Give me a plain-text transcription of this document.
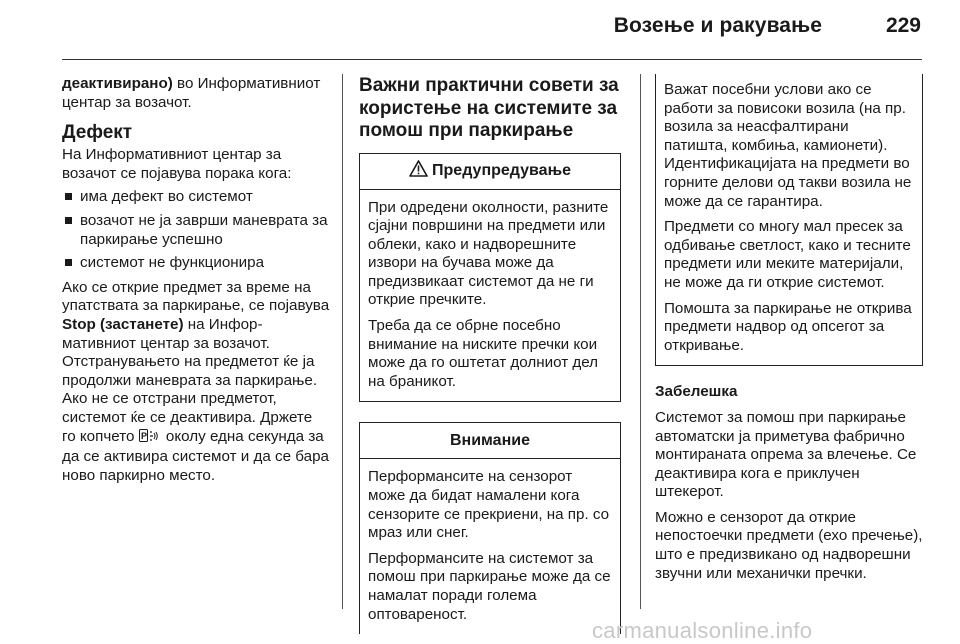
Возење и ракување	229

деактивирано) во Информативниот центар за возачот.

Дефект

На Информативниот центар за возачот се појавува порака кога:

има дефект во системот
возачот не ја заврши маневрата за паркирање успешно
системот не функционира

Ако се открие предмет за време на упатствата за паркирање, се појавува Stop (застанете) на Информативниот центар за возачот. Отстранувањето на предметот ќе ја продолжи маневрата за паркирање. Ако не се отстрани предметот, системот ќе се деактивира. Држете го копчето P околу една секунда за да се активира системот и да се бара ново паркирно место.

Важни практични совети за користење на системите за помош при паркирање
Предупредување

При одредени околности, разните сјајни површини на предмети или облеки, како и надворешните извори на бучава може да предизвикаат системот да не ги открие пречките.

Треба да се обрне посебно внимание на ниските пречки кои може да го оштетат долниот дел на браникот.

Внимание

Перформансите на сензорот може да бидат намалени кога сензорите се прекриени, на пр. со мраз или снег.

Перформансите на системот за помош при паркирање може да се намалат поради голема оптовареност.

Важат посебни услови ако се работи за повисоки возила (на пр. возила за неасфалтирани патишта, комбиња, камионети). Идентификацијата на предмети во горните делови од такви возила не може да се гарантира.

Предмети со многу мал пресек за одбивање светлост, како и тесните предмети или меките материјали, не може да ги открие системот.

Помошта за паркирање не открива предмети надвор од опсегот за откривање.

Забелешка

Системот за помош при паркирање автоматски ја приметува фабрично монтираната опрема за влечење. Се деактивира кога е приклучен штекерот.

Можно е сензорот да открие непостоечки предмети (ехо пречење), што е предизвикано од надворешни звучни или механички пречки.

carmanualsonline.info
